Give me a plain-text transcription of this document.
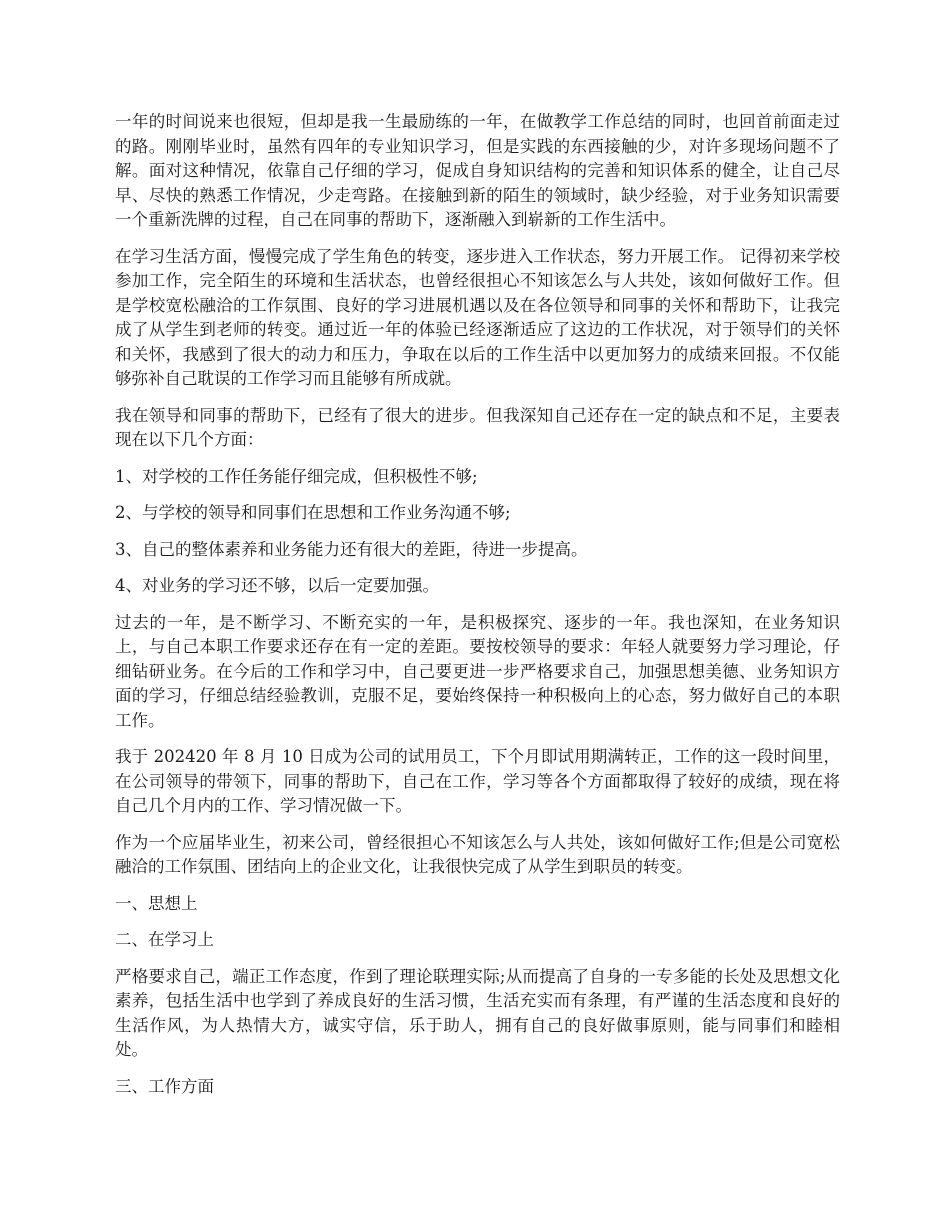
一年的时间说来也很短，但却是我一生最励练的一年，在做教学工作总结的同时，也回首前面走过的路。刚刚毕业时，虽然有四年的专业知识学习，但是实践的东西接触的少，对许多现场问题不了解。面对这种情况，依靠自己仔细的学习，促成自身知识结构的完善和知识体系的健全，让自己尽早、尽快的熟悉工作情况，少走弯路。在接触到新的陌生的领域时，缺少经验，对于业务知识需要一个重新洗牌的过程，自己在同事的帮助下，逐渐融入到崭新的工作生活中。

在学习生活方面，慢慢完成了学生角色的转变，逐步进入工作状态，努力开展工作。 记得初来学校参加工作，完全陌生的环境和生活状态，也曾经很担心不知该怎么与人共处，该如何做好工作。但是学校宽松融洽的工作氛围、良好的学习进展机遇以及在各位领导和同事的关怀和帮助下，让我完成了从学生到老师的转变。通过近一年的体验已经逐渐适应了这边的工作状况，对于领导们的关怀和关怀，我感到了很大的动力和压力，争取在以后的工作生活中以更加努力的成绩来回报。不仅能够弥补自己耽误的工作学习而且能够有所成就。

我在领导和同事的帮助下，已经有了很大的进步。但我深知自己还存在一定的缺点和不足，主要表现在以下几个方面：

1、对学校的工作任务能仔细完成，但积极性不够;

2、与学校的领导和同事们在思想和工作业务沟通不够;

3、自己的整体素养和业务能力还有很大的差距，待进一步提高。

4、对业务的学习还不够，以后一定要加强。

过去的一年，是不断学习、不断充实的一年，是积极探究、逐步的一年。我也深知，在业务知识上，与自己本职工作要求还存在有一定的差距。要按校领导的要求：年轻人就要努力学习理论，仔细钻研业务。在今后的工作和学习中，自己要更进一步严格要求自己，加强思想美德、业务知识方面的学习，仔细总结经验教训，克服不足，要始终保持一种积极向上的心态，努力做好自己的本职工作。

我于 202420 年 8 月 10 日成为公司的试用员工，下个月即试用期满转正，工作的这一段时间里，在公司领导的带领下，同事的帮助下，自己在工作，学习等各个方面都取得了较好的成绩，现在将自己几个月内的工作、学习情况做一下。

作为一个应届毕业生，初来公司，曾经很担心不知该怎么与人共处，该如何做好工作;但是公司宽松融洽的工作氛围、团结向上的企业文化，让我很快完成了从学生到职员的转变。

一、思想上

二、在学习上

严格要求自己，端正工作态度，作到了理论联理实际;从而提高了自身的一专多能的长处及思想文化素养，包括生活中也学到了养成良好的生活习惯，生活充实而有条理，有严谨的生活态度和良好的生活作风，为人热情大方，诚实守信，乐于助人，拥有自己的良好做事原则，能与同事们和睦相处。

三、工作方面
